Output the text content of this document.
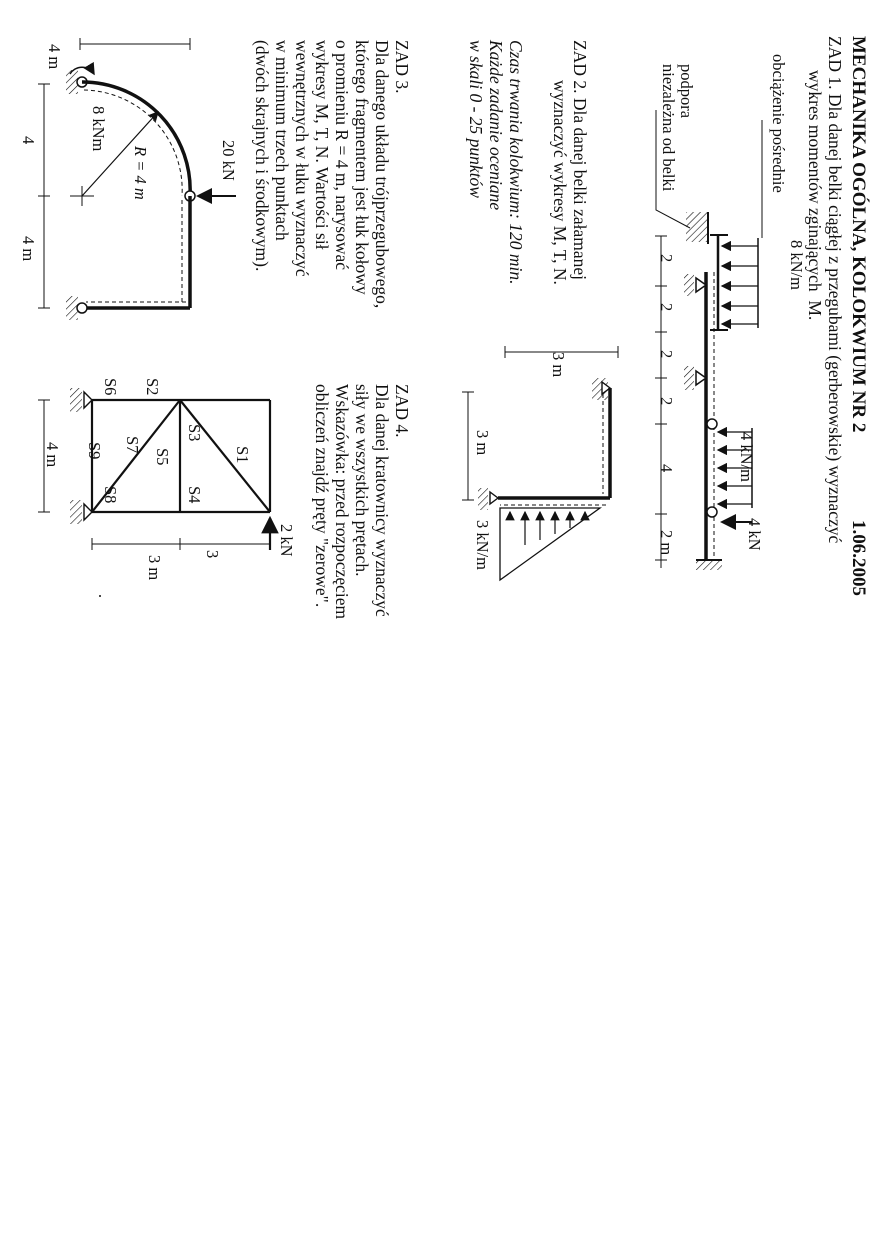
MECHANIKA OGÓLNA, KOLOKWIUM NR 2
1.06.2005
ZAD 1. Dla danej belki ciągłej z przegubami (gerberowskie) wyznaczyć
wykres momentów zginających  M.
obciążenie pośrednie
podpora
niezależna od belki
8 kN/m
4 kN/m
4 kN
2
2
2
2
4
2 m
ZAD 2. Dla danej belki załamanej
wyznaczyć wykresy M, T, N.
3 m
3 m
3 kN/m
Czas trwania kolokwium: 120 min.
Każde zadanie oceniane
w skali 0 - 25 punktów
ZAD 3.
Dla danego układu trójprzegubowego,
którego fragmentem jest łuk kołowy
o promieniu R = 4 m, narysować
wykresy M, T, N. Wartości sił
wewnętrznych w łuku wyznaczyć
w minimum trzech punktach
(dwóch skrajnych i środkowym).
4 m
20 kN
8 kNm
R = 4 m
4
4 m
ZAD 4.
Dla danej kratownicy wyznaczyć
siły we wszystkich prętach.
Wskazówka: przed rozpoczęciem
obliczeń znajdź pręty "zerowe".
S1
S2
S3
S4
S5
S6
S7
S8
S9
2 kN
3
3 m
4 m
